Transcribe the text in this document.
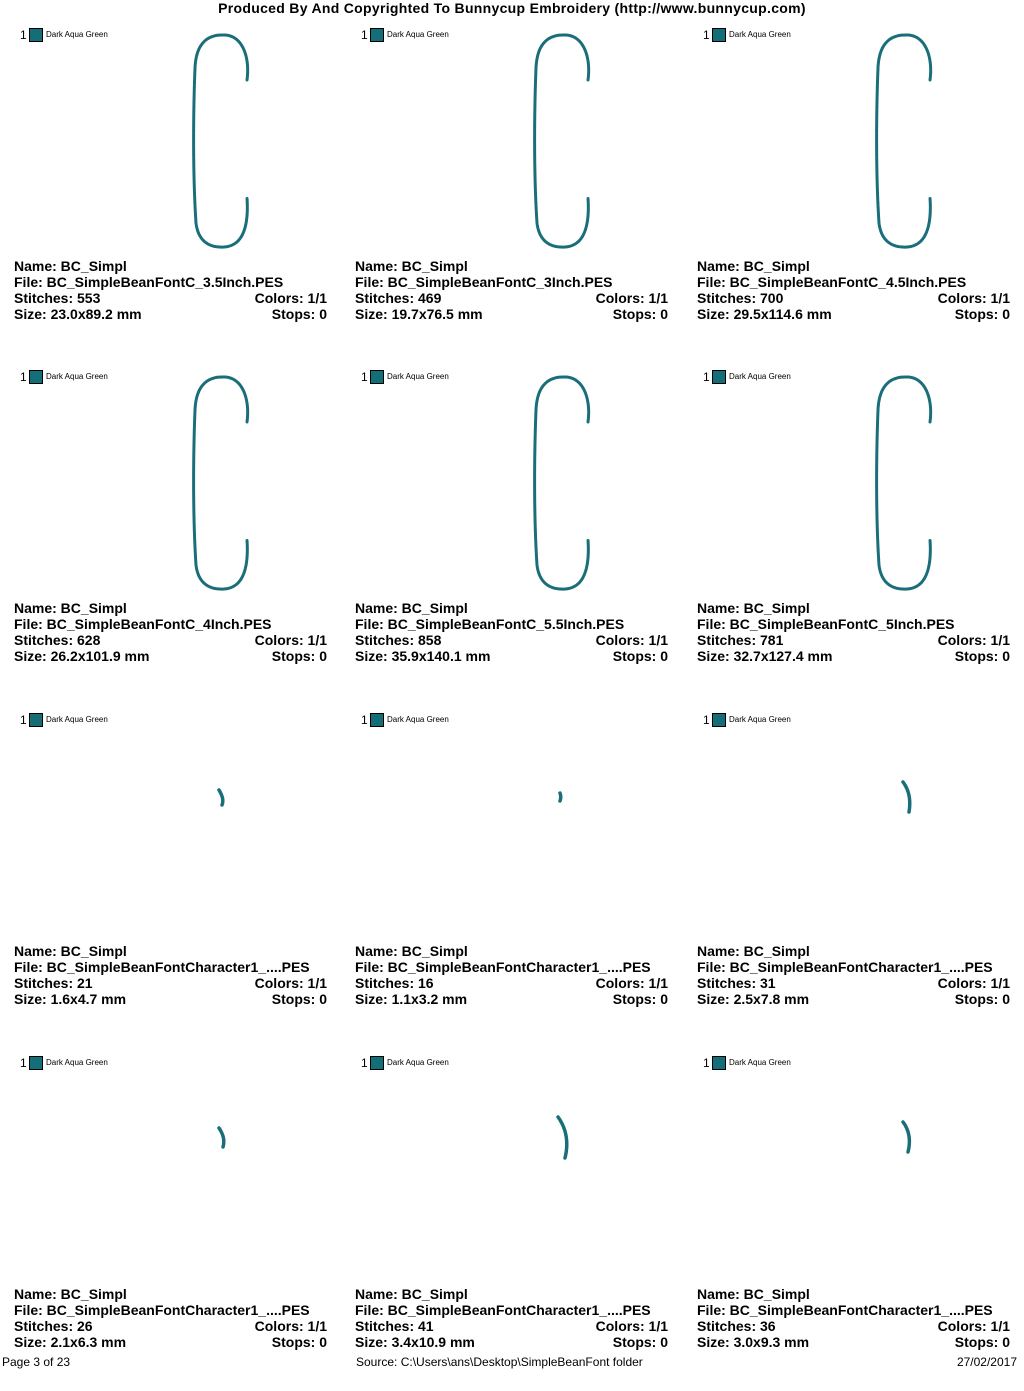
Produced By And Copyrighted To Bunnycup Embroidery (http://www.bunnycup.com)
1 Dark Aqua Green
Name: BC_Simpl
File: BC_SimpleBeanFontC_3.5Inch.PES
Stitches: 553	Colors: 1/1
Size: 23.0x89.2 mm	Stops: 0
1 Dark Aqua Green
Name: BC_Simpl
File: BC_SimpleBeanFontC_3Inch.PES
Stitches: 469	Colors: 1/1
Size: 19.7x76.5 mm	Stops: 0
1 Dark Aqua Green
Name: BC_Simpl
File: BC_SimpleBeanFontC_4.5Inch.PES
Stitches: 700	Colors: 1/1
Size: 29.5x114.6 mm	Stops: 0
1 Dark Aqua Green
Name: BC_Simpl
File: BC_SimpleBeanFontC_4Inch.PES
Stitches: 628	Colors: 1/1
Size: 26.2x101.9 mm	Stops: 0
1 Dark Aqua Green
Name: BC_Simpl
File: BC_SimpleBeanFontC_5.5Inch.PES
Stitches: 858	Colors: 1/1
Size: 35.9x140.1 mm	Stops: 0
1 Dark Aqua Green
Name: BC_Simpl
File: BC_SimpleBeanFontC_5Inch.PES
Stitches: 781	Colors: 1/1
Size: 32.7x127.4 mm	Stops: 0
1 Dark Aqua Green
Name: BC_Simpl
File: BC_SimpleBeanFontCharacter1_....PES
Stitches: 21	Colors: 1/1
Size: 1.6x4.7 mm	Stops: 0
1 Dark Aqua Green
Name: BC_Simpl
File: BC_SimpleBeanFontCharacter1_....PES
Stitches: 16	Colors: 1/1
Size: 1.1x3.2 mm	Stops: 0
1 Dark Aqua Green
Name: BC_Simpl
File: BC_SimpleBeanFontCharacter1_....PES
Stitches: 31	Colors: 1/1
Size: 2.5x7.8 mm	Stops: 0
1 Dark Aqua Green
Name: BC_Simpl
File: BC_SimpleBeanFontCharacter1_....PES
Stitches: 26	Colors: 1/1
Size: 2.1x6.3 mm	Stops: 0
1 Dark Aqua Green
Name: BC_Simpl
File: BC_SimpleBeanFontCharacter1_....PES
Stitches: 41	Colors: 1/1
Size: 3.4x10.9 mm	Stops: 0
1 Dark Aqua Green
Name: BC_Simpl
File: BC_SimpleBeanFontCharacter1_....PES
Stitches: 36	Colors: 1/1
Size: 3.0x9.3 mm	Stops: 0
Page 3 of 23	Source: C:\Users\ans\Desktop\SimpleBeanFont folder	27/02/2017
